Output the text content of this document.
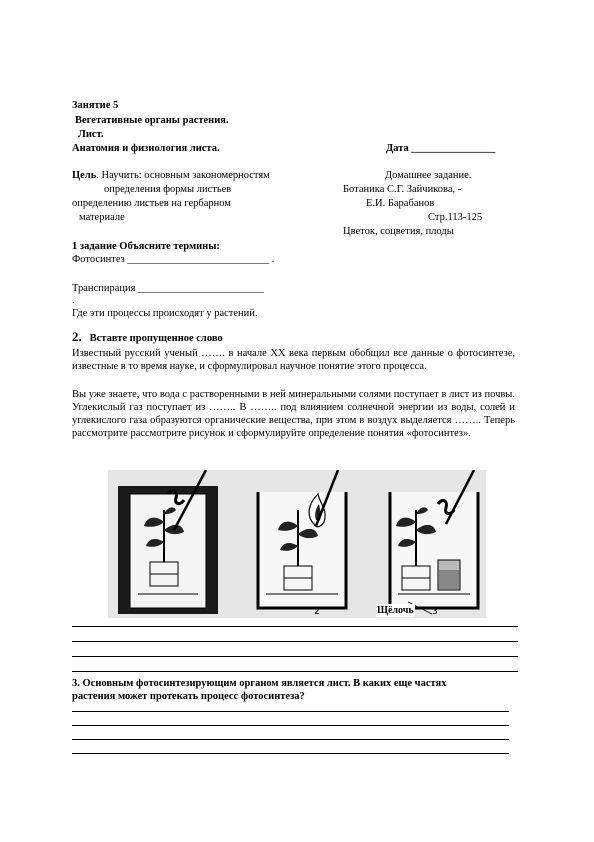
Занятие 5
Вегетативные органы растения.
Лист.
Анатомия и физиология листа.	Дата ________________
Цель. Научить: основным закономерностям
определения формы листьев
определению листьев на гербарном
материале
Домашнее задание.
Ботаника С.Г. Зайчикова, -
Е.И. Барабанов
Стр.113-125
Цветок, соцветия, плоды
1 задание Объясните термины:
Фотосинтез ___________________________ .
Транспирация ________________________
.
Где эти процессы происходят у растений.
2. Вставте пропущенное слово
Известный русский ученый ……. в начале XX века первым обобщил все данные о фотосинтезе, известные в то время науке, и сформулировал научное понятие этого процесса.
Вы уже знаете, что вода с растворенными в ней минеральными солями поступает в лист из почвы. Углекислый газ поступает из …….. В …….. под влиянием солнечной энергии из воды, солей и углекислого газа образуются органические вещества, при этом в воздух выделяется …….. Теперь рассмотрите рассмотрите рисунок и сформулируйте определение понятия «фотосинтез».
Щёлочь
2	3
3. Основным фотосинтезирующим органом является лист. В каких еще частях
растения может протекать процесс фотосинтеза?
